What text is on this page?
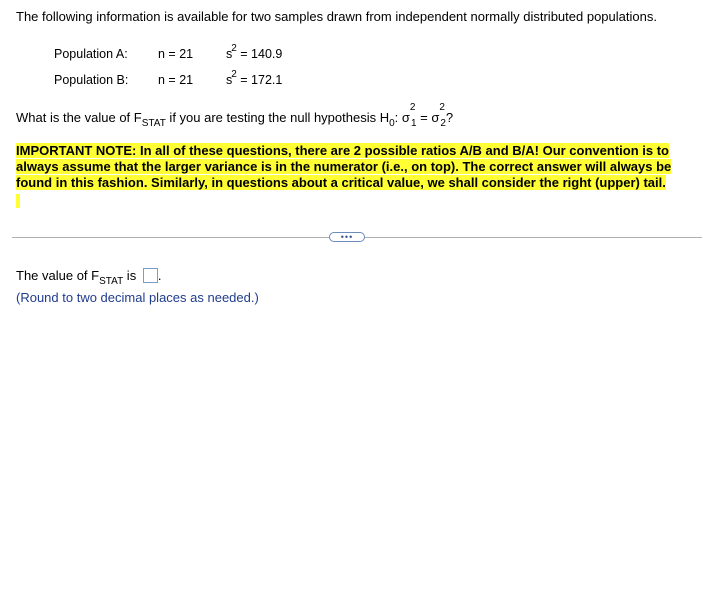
The following information is available for two samples drawn from independent normally distributed populations.
Population A: n = 21	$s^2 = 140.9$
Population B: n = 21	$s^2 = 172.1$
What is the value of $F_{STAT}$ if you are testing the null hypothesis $H_0$: σ
2
$_1$ = σ
2
$_2$?
IMPORTANT NOTE: In all of these questions, there are 2 possible ratios A/B and B/A! Our convention is to always assume that the larger variance is in the numerator (i.e., on top). The correct answer will always be found in this fashion. Similarly, in questions about a critical value, we shall consider the right (upper) tail.
•••
The value of $F_{STAT}$ is .
(Round to two decimal places as needed.)
